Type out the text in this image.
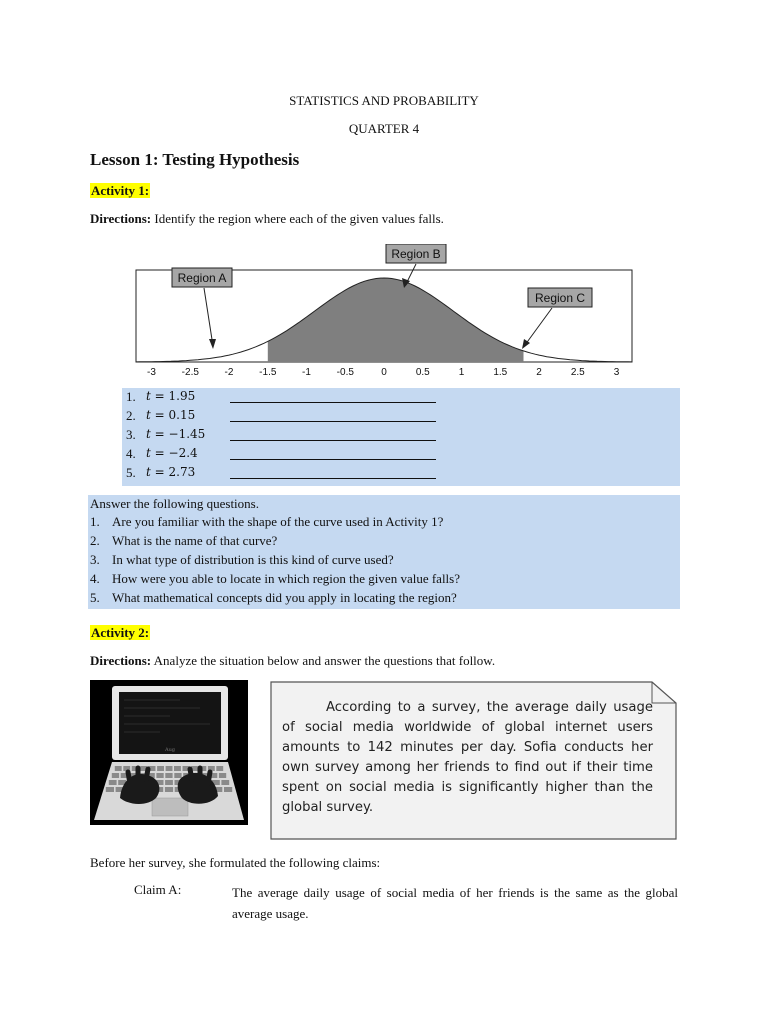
STATISTICS AND PROBABILITY
QUARTER 4
Lesson 1: Testing Hypothesis
Activity 1:
Directions: Identify the region where each of the given values falls.
-3	-2.5	-2	-1.5	-1	-0.5	0	0.5	1	1.5	2	2.5	3
Region A
Region B
Region C
1. t = 1.95
2. t = 0.15
3. t = −1.45
4. t = −2.4
5. t = 2.73
Answer the following questions.
1. Are you familiar with the shape of the curve used in Activity 1?
2. What is the name of that curve?
3. In what type of distribution is this kind of curve used?
4. How were you able to locate in which region the given value falls?
5. What mathematical concepts did you apply in locating the region?
Activity 2:
Directions: Analyze the situation below and answer the questions that follow.
Aug
According to a survey, the average daily usage of social media worldwide of global internet users amounts to 142 minutes per day. Sofia conducts her own survey among her friends to find out if their time spent on social media is significantly higher than the global survey.
Before her survey, she formulated the following claims:
Claim A:	The average daily usage of social media of her friends is the same as the global average usage.
